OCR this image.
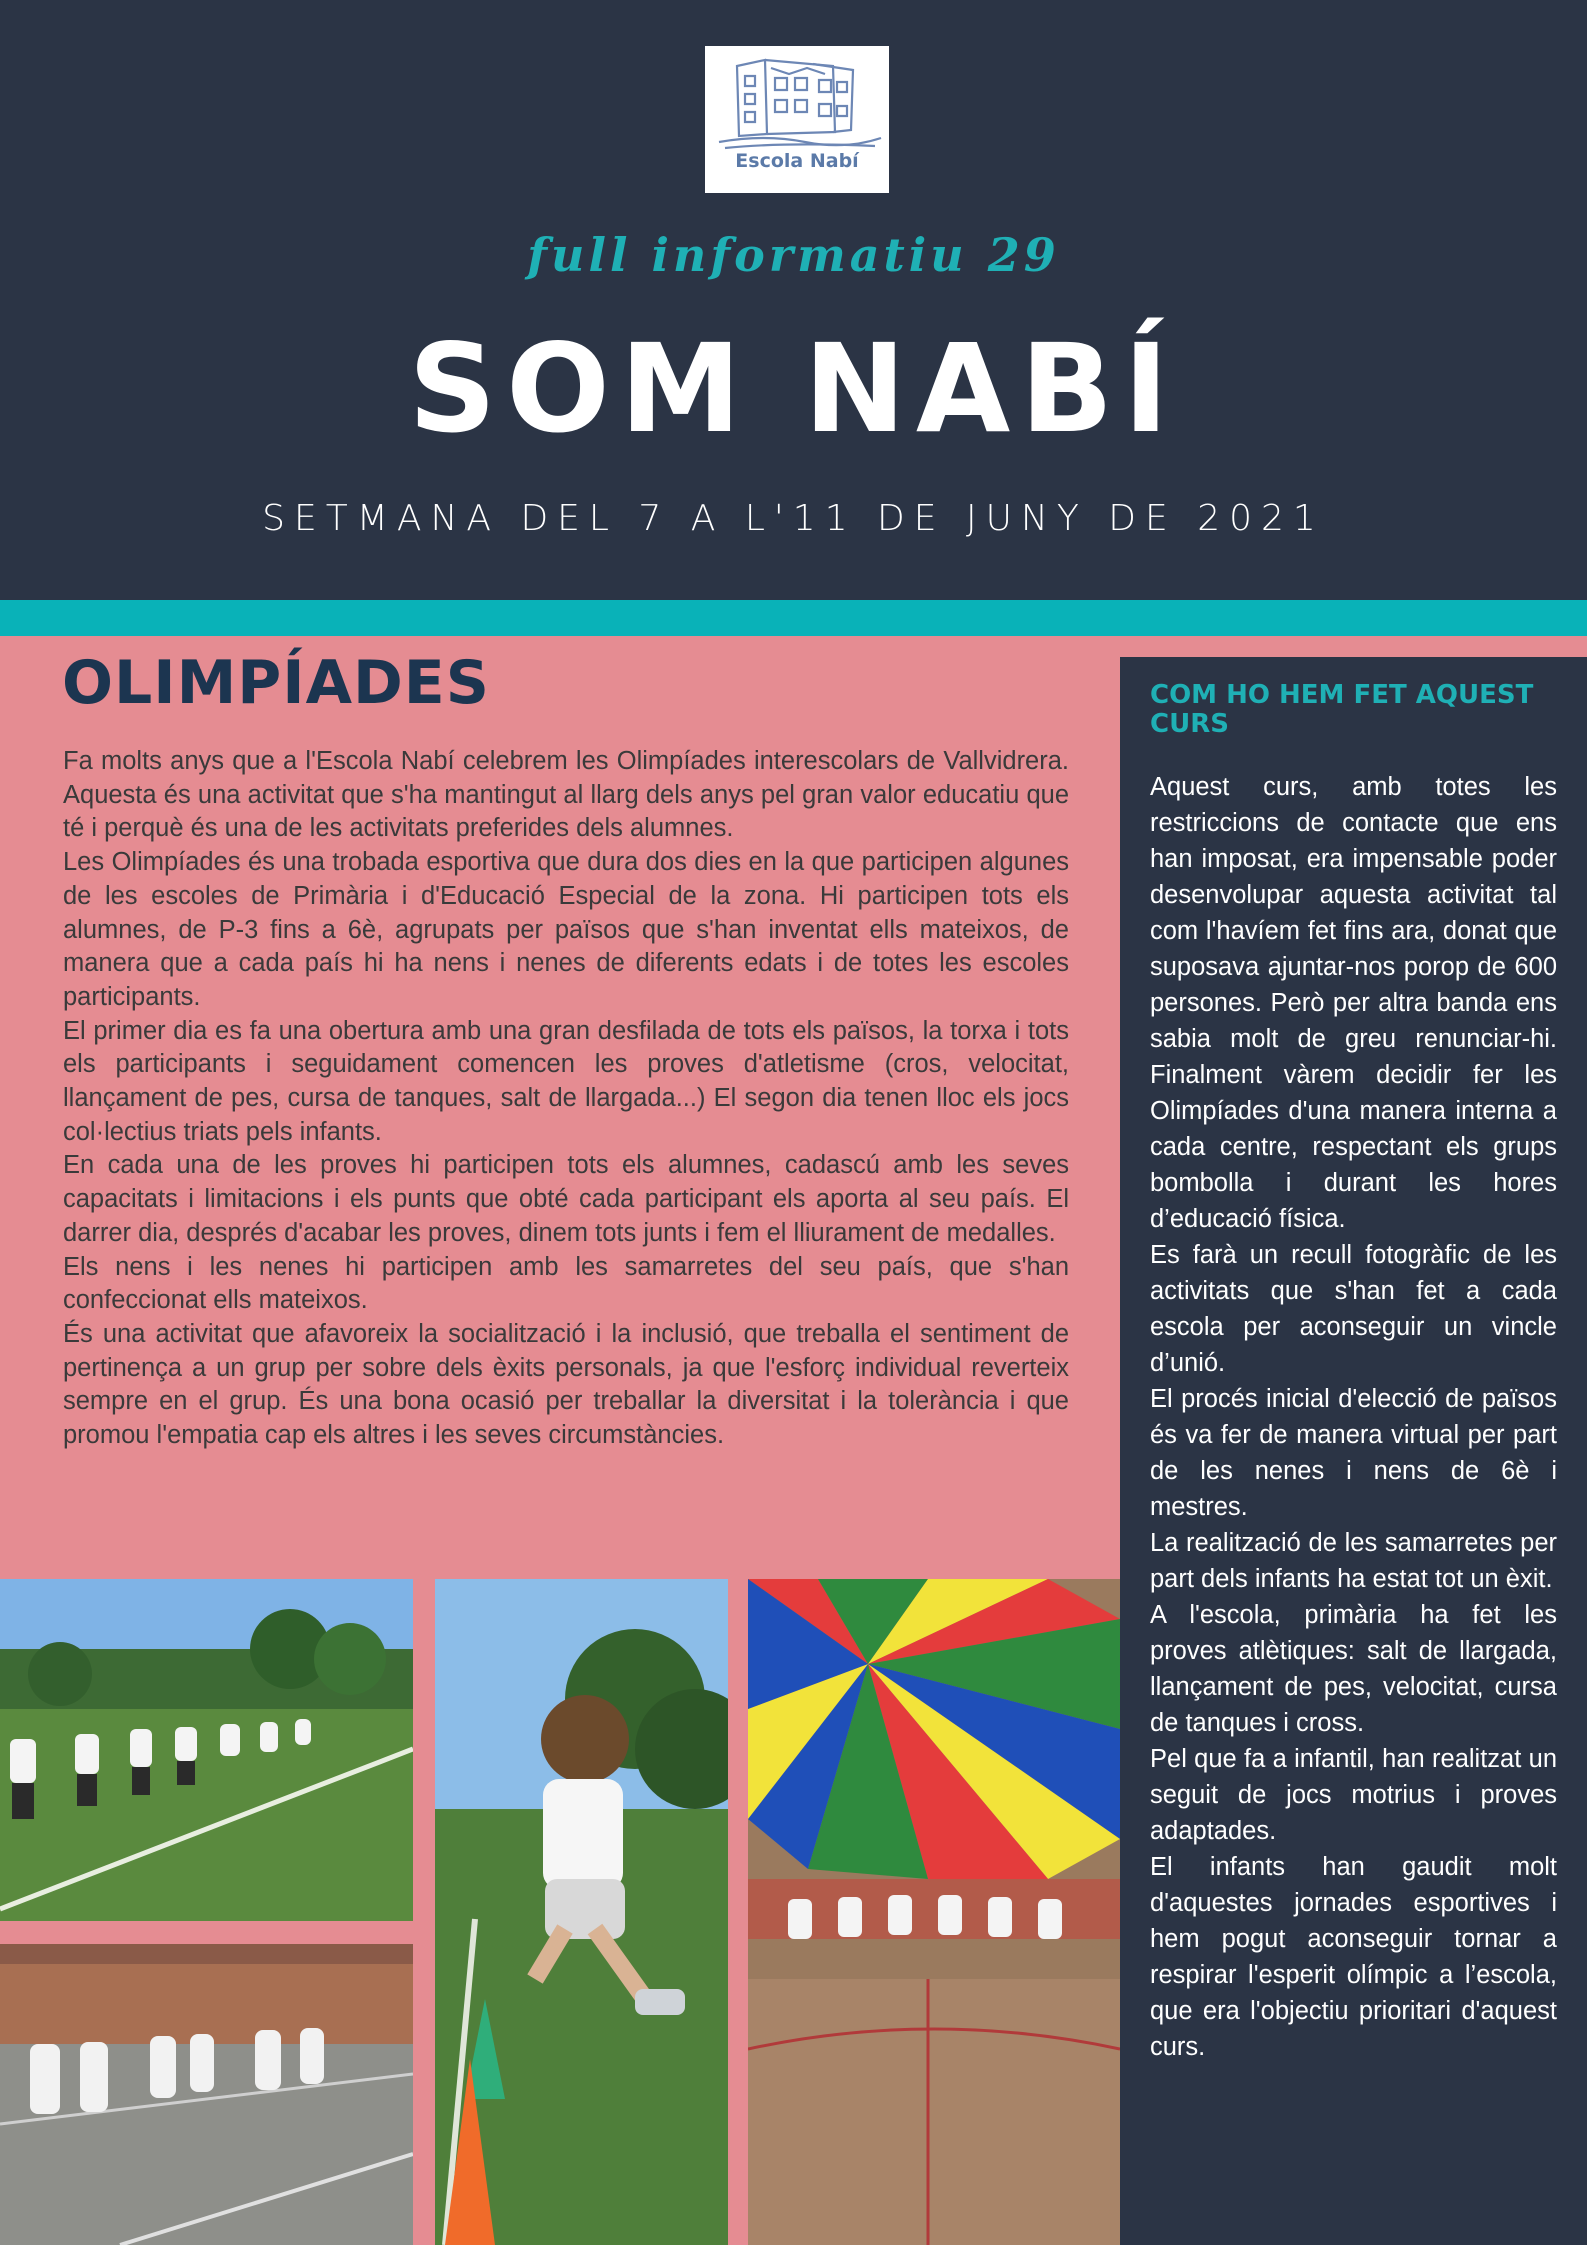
Escola Nabí
full informatiu 29
SOM NABÍ
SETMANA DEL 7 A L'11 DE JUNY DE 2021
OLIMPÍADES

Fa molts anys que a l'Escola Nabí celebrem les Olimpíades interescolars de Vallvidrera. Aquesta és una activitat que s'ha mantingut al llarg dels anys pel gran valor educatiu que té i perquè és una de les activitats preferides dels alumnes.

Les Olimpíades és una trobada esportiva que dura dos dies en la que participen algunes de les escoles de Primària i d'Educació Especial de la zona. Hi participen tots els alumnes, de P-3 fins a 6è, agrupats per països que s'han inventat ells mateixos, de manera que a cada país hi ha nens i nenes de diferents edats i de totes les escoles participants.

El primer dia es fa una obertura amb una gran desfilada de tots els països, la torxa i tots els participants i seguidament comencen les proves d'atletisme (cros, velocitat, llançament de pes, cursa de tanques, salt de llargada...) El segon dia tenen lloc els jocs col·lectius triats pels infants.

En cada una de les proves hi participen tots els alumnes, cadascú amb les seves capacitats i limitacions i els punts que obté cada participant els aporta al seu país. El darrer dia, després d'acabar les proves, dinem tots junts i fem el lliurament de medalles.

Els nens i les nenes hi participen amb les samarretes del seu país, que s'han confeccionat ells mateixos.

És una activitat que afavoreix la socialització i la inclusió, que treballa el sentiment de pertinença a un grup per sobre dels èxits personals, ja que l'esforç individual reverteix sempre en el grup. És una bona ocasió per treballar la diversitat i la tolerància i que promou l'empatia cap els altres i les seves circumstàncies.

COM HO HEM FET AQUEST CURS

Aquest curs, amb totes les restriccions de contacte que ens han imposat, era impensable poder desenvolupar aquesta activitat tal com l'havíem fet fins ara, donat que suposava ajuntar-nos porop de 600 persones. Però per altra banda ens sabia molt de greu renunciar-hi. Finalment vàrem decidir fer les Olimpíades d'una manera interna a cada centre, respectant els grups bombolla i durant les hores d’educació física.

Es farà un recull fotogràfic de les activitats que s'han fet a cada escola per aconseguir un vincle d’unió.

El procés inicial d'elecció de països és va fer de manera virtual per part de les nenes i nens de 6è i mestres.

La realització de les samarretes per part dels infants ha estat tot un èxit.

A l'escola, primària ha fet les proves atlètiques: salt de llargada, llançament de pes, velocitat, cursa de tanques i cross.

Pel que fa a infantil, han realitzat un seguit de jocs motrius i proves adaptades.

El infants han gaudit molt d'aquestes jornades esportives i hem pogut aconseguir tornar a respirar l'esperit olímpic a l’escola, que era l'objectiu prioritari d'aquest curs.
